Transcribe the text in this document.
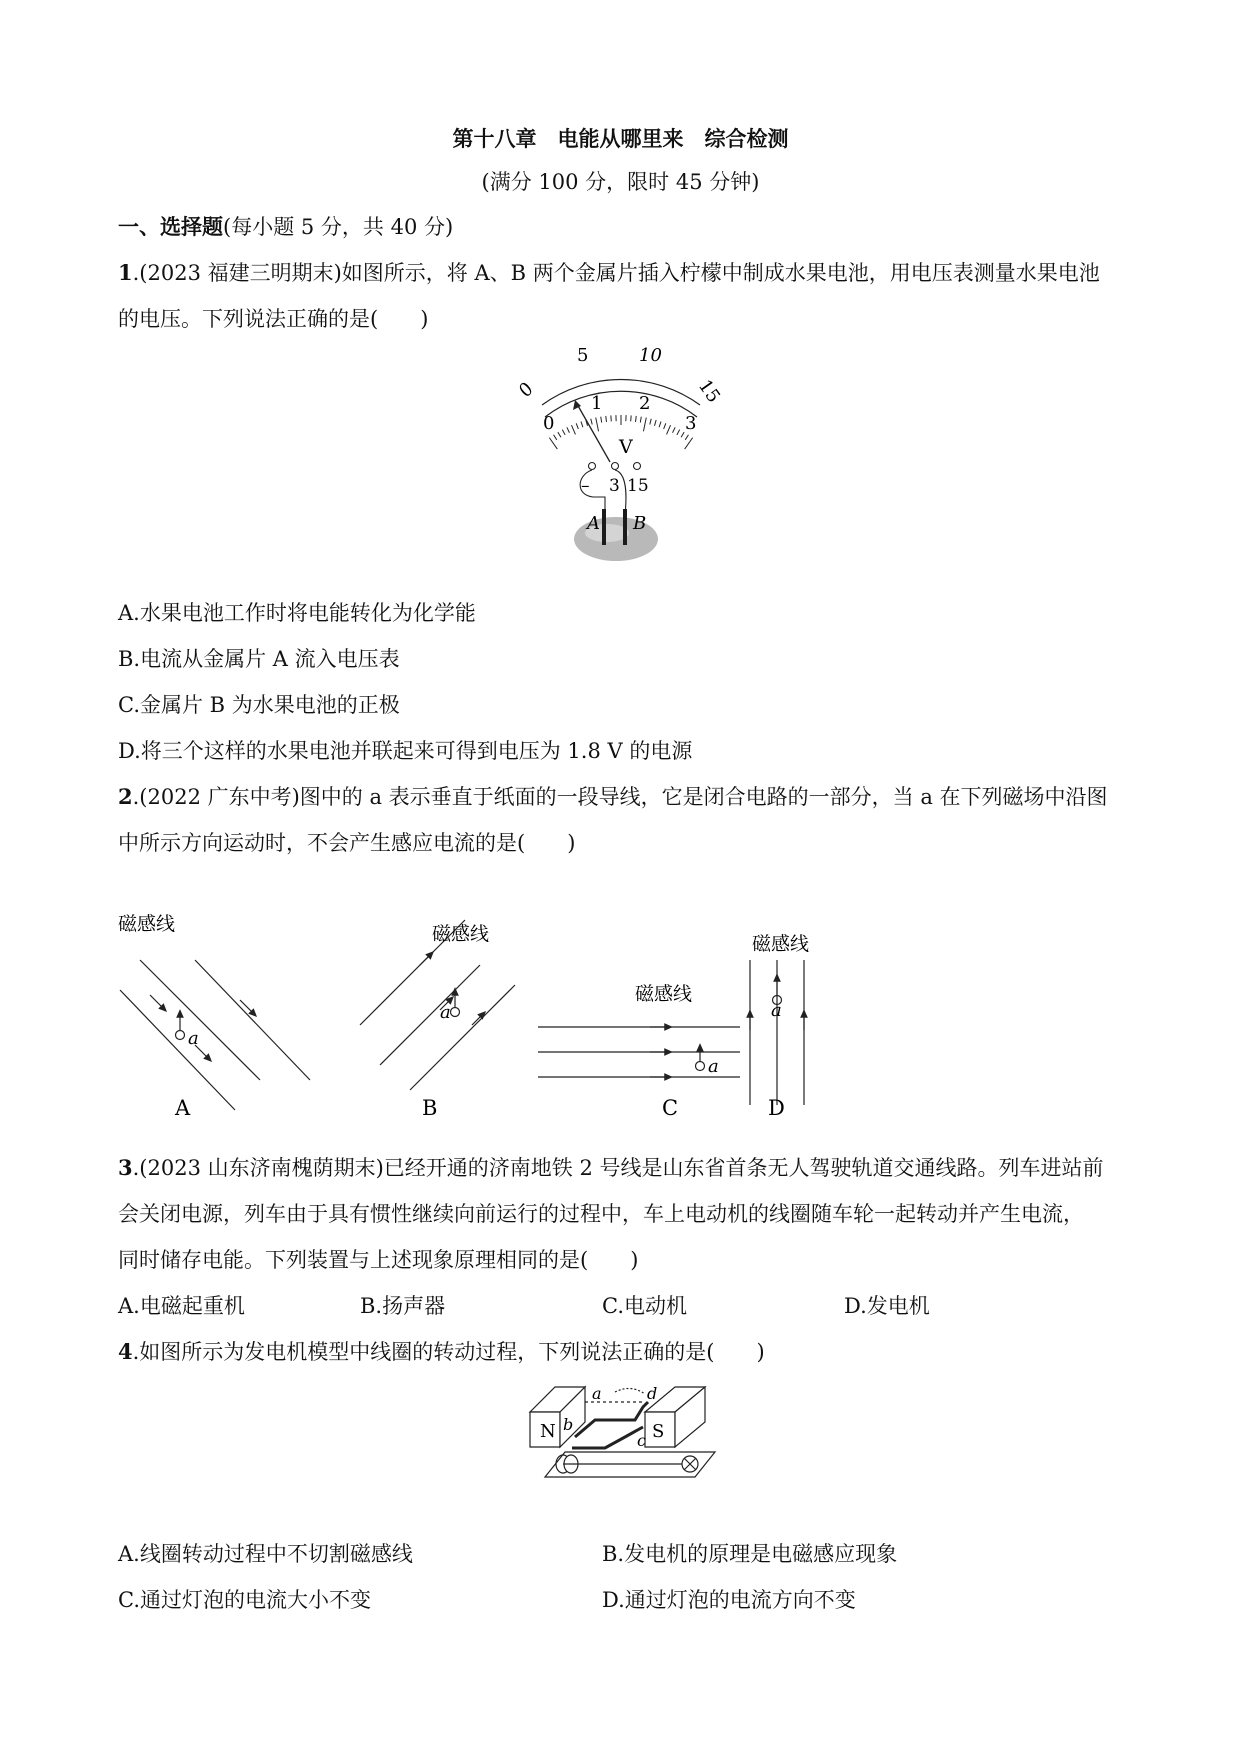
第十八章　电能从哪里来　综合检测
(满分 100 分，限时 45 分钟)
一、选择题(每小题 5 分，共 40 分)
1.(2023 福建三明期末)如图所示，将 A、B 两个金属片插入柠檬中制成水果电池，用电压表测量水果电池
的电压。下列说法正确的是(　　)
0
5	10
15
0
1 2
3
V
– 3 15
A B
A.水果电池工作时将电能转化为化学能
B.电流从金属片 A 流入电压表
C.金属片 B 为水果电池的正极
D.将三个这样的水果电池并联起来可得到电压为 1.8 V 的电源
2.(2022 广东中考)图中的 a 表示垂直于纸面的一段导线，它是闭合电路的一部分，当 a 在下列磁场中沿图
中所示方向运动时，不会产生感应电流的是(　　)
磁感线	磁感线
磁感线
磁感线
a
a
a
a
A	B	C	D
3.(2023 山东济南槐荫期末)已经开通的济南地铁 2 号线是山东省首条无人驾驶轨道交通线路。列车进站前
会关闭电源，列车由于具有惯性继续向前运行的过程中，车上电动机的线圈随车轮一起转动并产生电流，
同时储存电能。下列装置与上述现象原理相同的是(　　)
A.电磁起重机	B.扬声器	C.电动机	D.发电机
4.如图所示为发电机模型中线圈的转动过程，下列说法正确的是(　　)
N	S
a
b
c
d
A.线圈转动过程中不切割磁感线	B.发电机的原理是电磁感应现象
C.通过灯泡的电流大小不变	D.通过灯泡的电流方向不变
